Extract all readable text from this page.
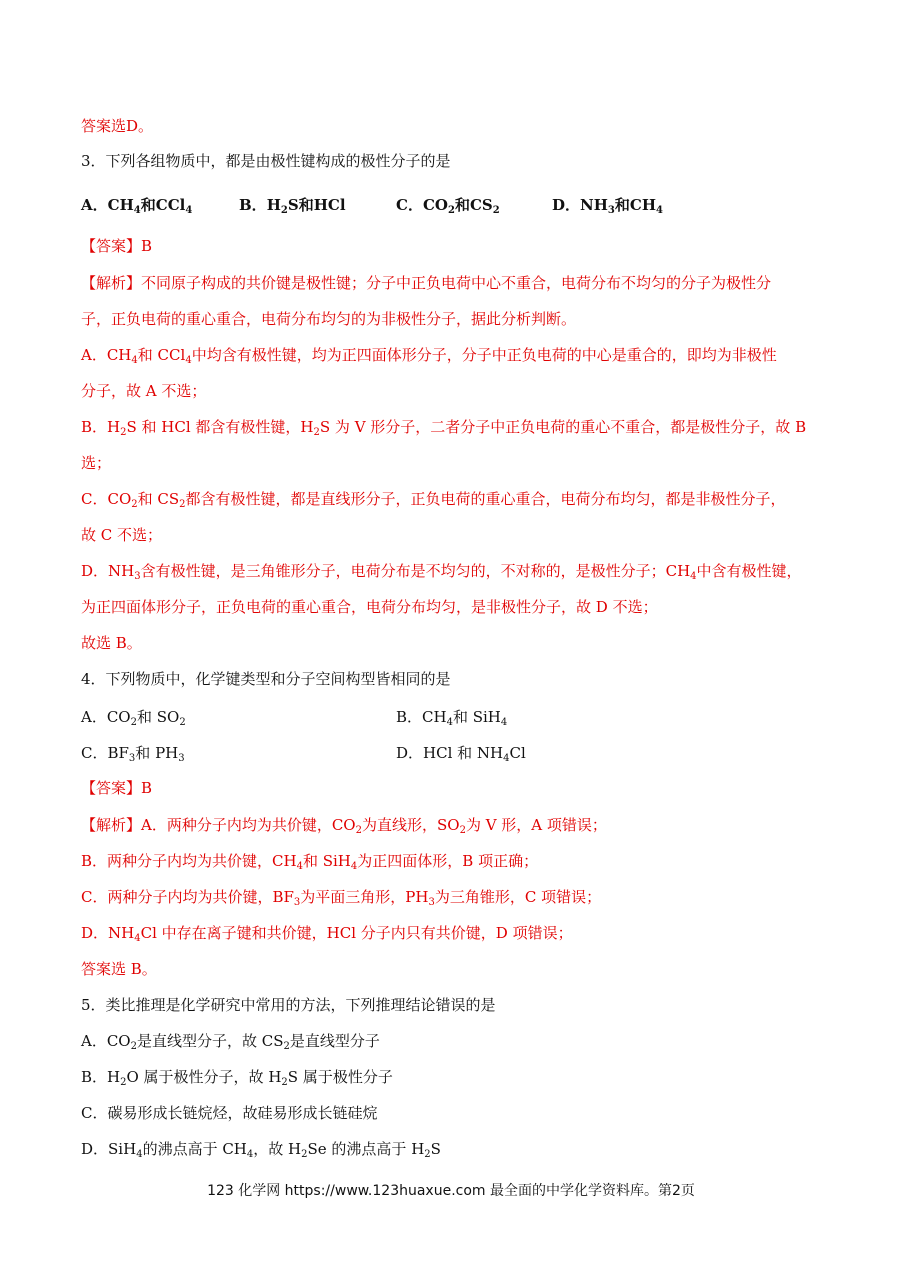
答案选D。
3．下列各组物质中，都是由极性键构成的极性分子的是
A．$CH_4$和CCl$_4$	B．$H_2S$和HCl	C．$CO_2$和$CS_2$	D．$NH_3$和$CH_4$
【答案】B
【解析】不同原子构成的共价键是极性键；分子中正负电荷中心不重合，电荷分布不均匀的分子为极性分
子，正负电荷的重心重合，电荷分布均匀的为非极性分子，据此分析判断。
A．$CH_4$和 CCl$_4$中均含有极性键，均为正四面体形分子，分子中正负电荷的中心是重合的，即均为非极性
分子，故 A 不选；
B．$H_2S$ 和 HCl 都含有极性键，$H_2S$ 为 V 形分子，二者分子中正负电荷的重心不重合，都是极性分子，故 B
选；
C．$CO_2$和 $CS_2$都含有极性键，都是直线形分子，正负电荷的重心重合，电荷分布均匀，都是非极性分子，
故 C 不选；
D．$NH_3$含有极性键，是三角锥形分子，电荷分布是不均匀的，不对称的，是极性分子；$CH_4$中含有极性键，
为正四面体形分子，正负电荷的重心重合，电荷分布均匀，是非极性分子，故 D 不选；
故选 B。
4．下列物质中，化学键类型和分子空间构型皆相同的是
A．$CO_2$和 $SO_2$	B．$CH_4$和 SiH$_4$
C．$BF_3$和 $PH_3$	D．HCl 和 $NH_4Cl$
【答案】B
【解析】A．两种分子内均为共价键，$CO_2$为直线形，$SO_2$为 V 形，A 项错误；
B．两种分子内均为共价键，$CH_4$和 SiH$_4$为正四面体形，B 项正确；
C．两种分子内均为共价键，$BF_3$为平面三角形，$PH_3$为三角锥形，C 项错误；
D．$NH_4Cl$ 中存在离子键和共价键，HCl 分子内只有共价键，D 项错误；
答案选 B。
5．类比推理是化学研究中常用的方法，下列推理结论错误的是
A．$CO_2$是直线型分子，故 $CS_2$是直线型分子
B．$H_2O$ 属于极性分子，故 $H_2S$ 属于极性分子
C．碳易形成长链烷烃，故硅易形成长链硅烷
D．SiH$_4$的沸点高于 $CH_4$，故 $H_2Se$ 的沸点高于 $H_2S$
123 化学网 https://www.123huaxue.com 最全面的中学化学资料库。第2页
